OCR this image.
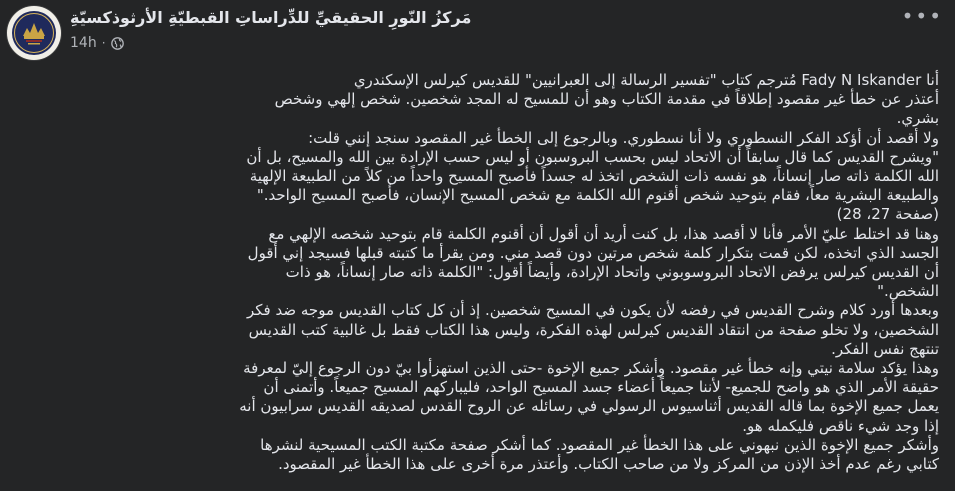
مَركزُ النّورِ الحقيقيِّ للدِّراساتِ القبطيّةِ الأرثوذكسيّةِ
14h ·
•••

أنا Fady N Iskander مُترجم كتاب "تفسير الرسالة إلى العبرانيين" للقديس كيرلس الإسكندري

أعتذر عن خطأ غير مقصود إطلاقاً في مقدمة الكتاب وهو أن للمسيح له المجد شخصين. شخص إلهي وشخص بشري.

ولا أقصد أن أؤكد الفكر النسطوري ولا أنا نسطوري. وبالرجوع إلى الخطأ غير المقصود سنجد إنني قلت:

"ويشرح القديس كما قال سابقاً أن الاتحاد ليس بحسب البروسبون أو ليس حسب الإرادة بين الله والمسيح، بل أن الله الكلمة ذاته صار إنساناً، هو نفسه ذات الشخص اتخذ له جسداً فأصبح المسيح واحداً من كلاً من الطبيعة الإلهية والطبيعة البشرية معاً، فقام بتوحيد شخص أقنوم الله الكلمة مع شخص المسيح الإنسان، فأصبح المسيح الواحد." (صفحة 27، 28)

وهنا قد اختلط عليّ الأمر فأنا لا أقصد هذا، بل كنت أريد أن أقول أن أقنوم الكلمة قام بتوحيد شخصه الإلهي مع الجسد الذي اتخذه، لكن قمت بتكرار كلمة شخص مرتين دون قصد مني. ومن يقرأ ما كتبته قبلها فسيجد إني أقول أن القديس كيرلس يرفض الاتحاد البروسوبوني واتحاد الإرادة، وأيضاً أقول: "الكلمة ذاته صار إنساناً، هو ذات الشخص."

وبعدها أورد كلام وشرح القديس في رفضه لأن يكون في المسيح شخصين. إذ أن كل كتاب القديس موجه ضد فكر الشخصين، ولا تخلو صفحة من انتقاد القديس كيرلس لهذه الفكرة، وليس هذا الكتاب فقط بل غالبية كتب القديس تنتهج نفس الفكر.

وهذا يؤكد سلامة نيتي وإنه خطأ غير مقصود. وأشكر جميع الإخوة -حتى الذين استهزأوا بيّ دون الرجوع إليّ لمعرفة حقيقة الأمر الذي هو واضح للجميع- لأننا جميعاً أعضاء جسد المسيح الواحد، فليباركهم المسيح جميعاً. وأتمنى أن يعمل جميع الإخوة بما قاله القديس أثناسيوس الرسولي في رسائله عن الروح القدس لصديقه القديس سرابيون أنه إذا وجد شيء ناقص فليكمله هو.

وأشكر جميع الإخوة الذين نبهوني على هذا الخطأ غير المقصود. كما أشكر صفحة مكتبة الكتب المسيحية لنشرها كتابي رغم عدم أخذ الإذن من المركز ولا من صاحب الكتاب. وأعتذر مرة أخرى على هذا الخطأ غير المقصود.
